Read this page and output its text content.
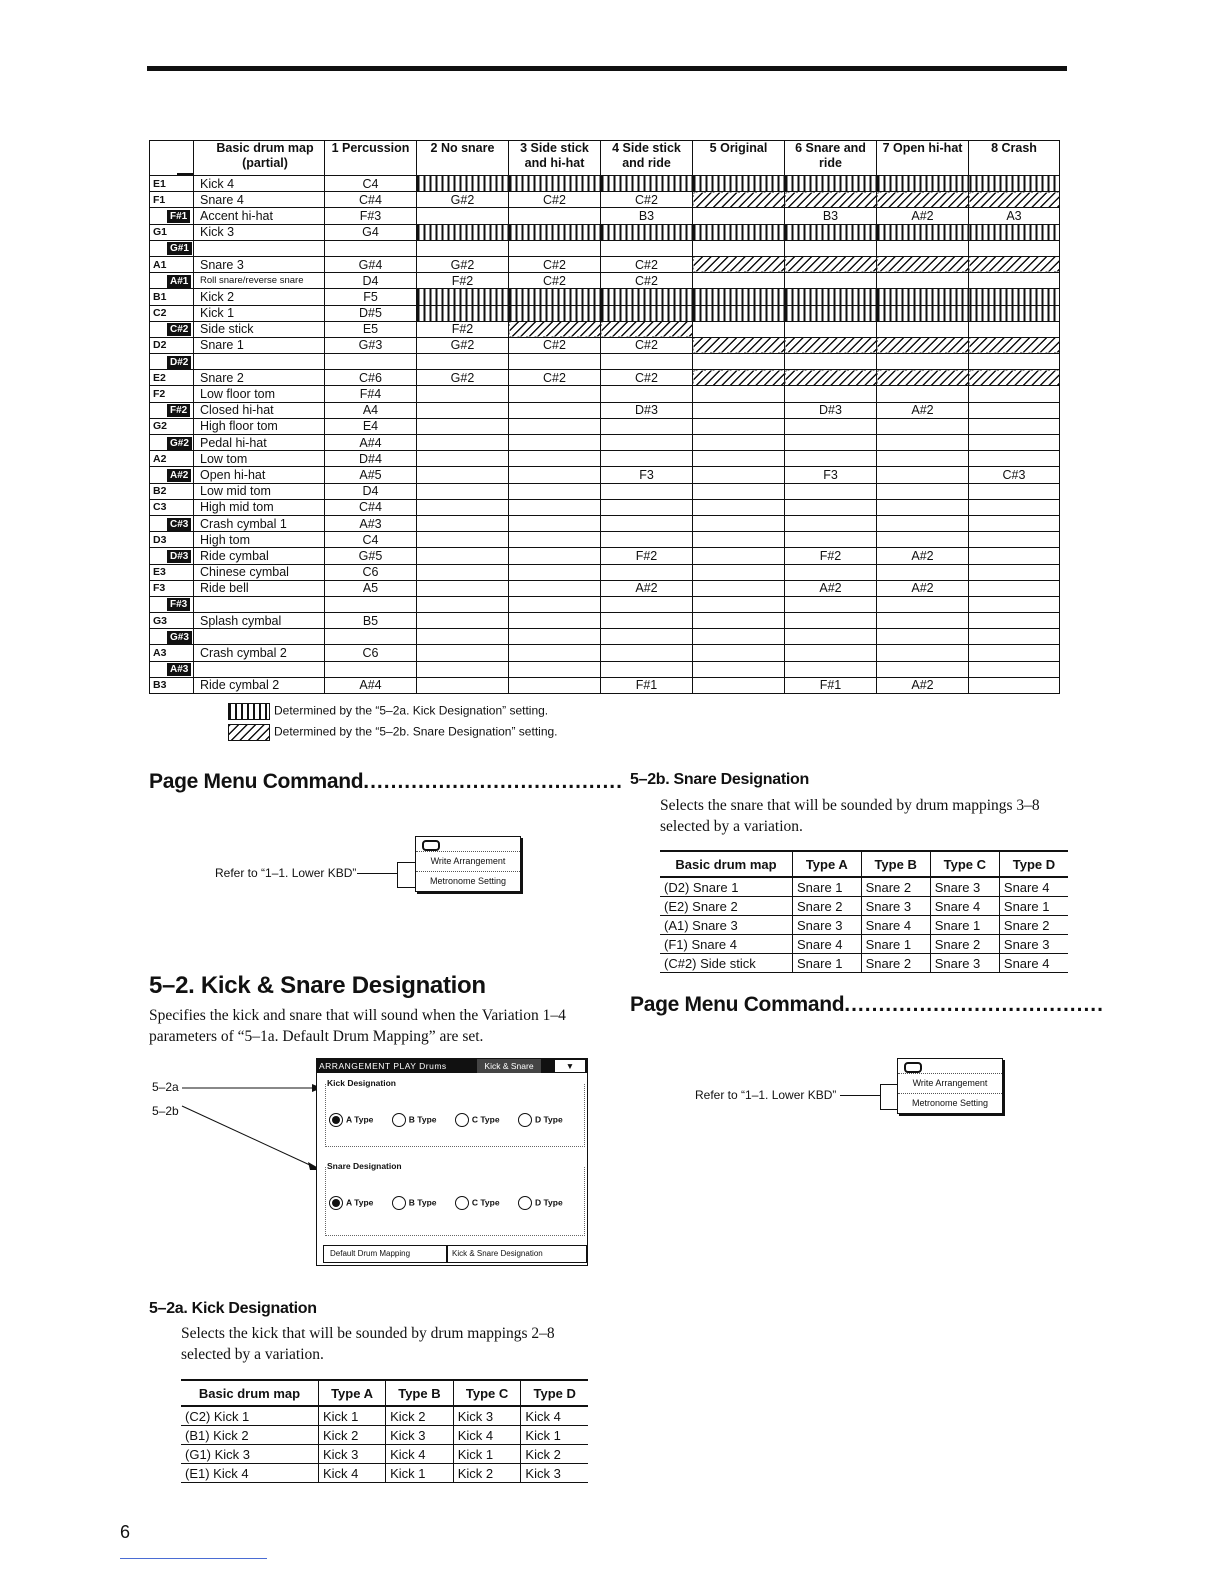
	Basic drum map (partial)	1 Percussion	2 No snare	3 Side stick and hi-hat	4 Side stick and ride	5 Original	6 Snare and ride	7 Open hi-hat	8 Crash
E1	Kick 4	C4							
F1	Snare 4	C#4	G#2	C#2	C#2				
F#1	Accent hi-hat	F#3			B3		B3	A#2	A3
G1	Kick 3	G4							
G#1									
A1	Snare 3	G#4	G#2	C#2	C#2				
A#1	Roll snare/reverse snare	D4	F#2	C#2	C#2				
B1	Kick 2	F5							
C2	Kick 1	D#5							
C#2	Side stick	E5	F#2						
D2	Snare 1	G#3	G#2	C#2	C#2				
D#2									
E2	Snare 2	C#6	G#2	C#2	C#2				
F2	Low floor tom	F#4							
F#2	Closed hi-hat	A4			D#3		D#3	A#2	
G2	High floor tom	E4							
G#2	Pedal hi-hat	A#4							
A2	Low tom	D#4							
A#2	Open hi-hat	A#5			F3		F3		C#3
B2	Low mid tom	D4							
C3	High mid tom	C#4							
C#3	Crash cymbal 1	A#3							
D3	High tom	C4							
D#3	Ride cymbal	G#5			F#2		F#2	A#2	
E3	Chinese cymbal	C6							
F3	Ride bell	A5			A#2		A#2	A#2	
F#3									
G3	Splash cymbal	B5							
G#3									
A3	Crash cymbal 2	C6							
A#3									
B3	Ride cymbal 2	A#4			F#1		F#1	A#2	
Determined by the “5–2a. Kick Designation” setting.
Determined by the “5–2b. Snare Designation” setting.
Page Menu Command......................................
Refer to “1–1. Lower KBD”
Write Arrangement
Metronome Setting
5–2. Kick & Snare Designation
Specifies the kick and snare that will sound when the Variation 1–4 parameters of “5–1a. Default Drum Mapping” are set.
5–2a
5–2b
ARRANGEMENT PLAY Drums	Kick & Snare	▼
Kick Designation
A Type	B Type	C Type	D Type
Snare Designation
A Type	B Type	C Type	D Type
Default Drum Mapping	Kick & Snare Designation
5–2a. Kick Designation
Selects the kick that will be sounded by drum mappings 2–8 selected by a variation.
Basic drum map	Type A	Type B	Type C	Type D
(C2) Kick 1	Kick 1	Kick 2	Kick 3	Kick 4
(B1) Kick 2	Kick 2	Kick 3	Kick 4	Kick 1
(G1) Kick 3	Kick 3	Kick 4	Kick 1	Kick 2
(E1) Kick 4	Kick 4	Kick 1	Kick 2	Kick 3
5–2b. Snare Designation
Selects the snare that will be sounded by drum mappings 3–8 selected by a variation.
Basic drum map	Type A	Type B	Type C	Type D
(D2) Snare 1	Snare 1	Snare 2	Snare 3	Snare 4
(E2) Snare 2	Snare 2	Snare 3	Snare 4	Snare 1
(A1) Snare 3	Snare 3	Snare 4	Snare 1	Snare 2
(F1) Snare 4	Snare 4	Snare 1	Snare 2	Snare 3
(C#2) Side stick	Snare 1	Snare 2	Snare 3	Snare 4
Page Menu Command......................................
Refer to “1–1. Lower KBD”
Write Arrangement
Metronome Setting
6
